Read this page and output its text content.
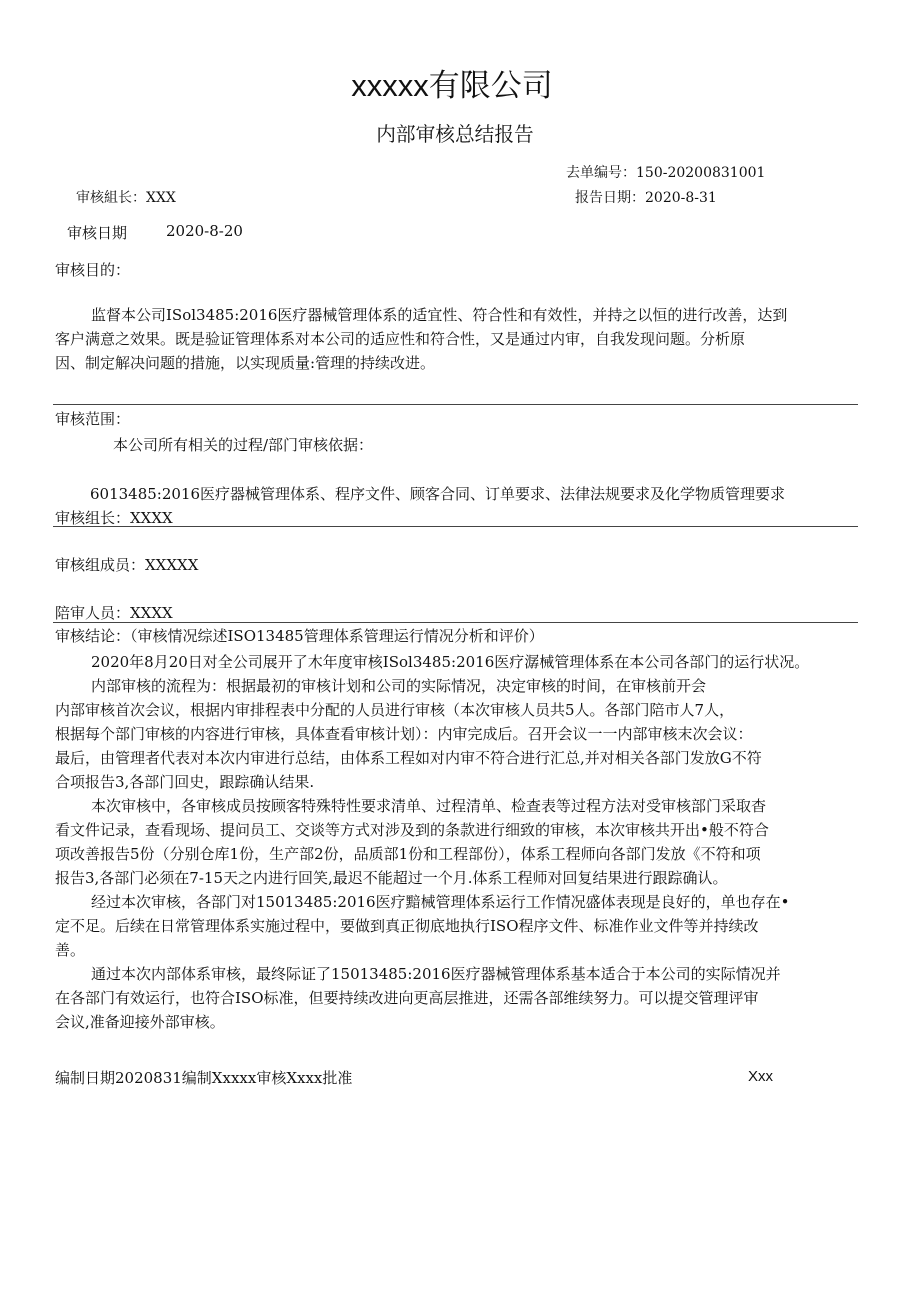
xxxxx有限公司
内部审核总结报告
去单编号：150-20200831001
审核組长：XXX	报告日期：2020-8-31
审核日期	2020-8-20
审核目的：
监督本公司ISol3485:2016医疗器械管理体系的适宜性、符合性和有效性，并持之以恒的进行改善，达到
客户满意之效果。既是验证管理体系对本公司的适应性和符合性，又是通过内审，自我发现问题。分析原
因、制定解决问题的措施，以实现质量:管理的持续改进。
审核范围：
本公司所有相关的过程/部门审核依据：
6013485:2016医疗器械管理体系、程序文件、顾客合同、订单要求、法律法规要求及化学物质管理要求
审核组长：XXXX
审核组成员：XXXXX
陪审人员：XXXX
审核结论：（审核情况综述ISO13485管理体系管理运行情况分析和评价）
2020年8月20日对全公司展开了木年度审核ISol3485:2016医疗潺械管理体系在本公司各部门的运行状况。
内部审核的流程为：根据最初的审核计划和公司的实际情况，决定审核的时间，在审核前开会
内部审核首次会议，根据内审排程表中分配的人员进行审核（本次审核人员共5人。各部门陪市人7人，
根据每个部门审核的内容进行审核，具体查看审核计划）：内审完成后。召开会议一一内部审核末次会议：
最后，由管理者代表对本次内审进行总结，由体系工程如对内审不符合进行汇总,并对相关各部门发放G不符
合项报告3,各部门回史，跟踪确认结果.
本次审核中，各审核成员按顾客特殊特性要求清单、过程清单、检查表等过程方法对受审核部门采取杳
看文件记录，查看现场、提问员工、交谈等方式对涉及到的条款进行细致的审核，本次审核共开出•般不符合
项改善报告5份（分别仓库1份，生产部2份，品质部1份和工程部份），体系工程师向各部门发放《不符和项
报告3,各部门必须在7-15天之内进行回笑,最迟不能超过一个月.体系工程师对回复结果进行跟踪确认。
经过本次审核，各部门对15013485:2016医疗黯械管理体系运行工作情况盛体表现是良好的，单也存在•
定不足。后续在日常管理体系实施过程中，要做到真正彻底地执行ISO程序文件、标准作业文件等并持续改
善。
通过本次内部体系审核，最终际证了15013485:2016医疗器械管理体系基本适合于本公司的实际情况并
在各部门有效运行，也符合ISO标准，但要持续改进向更高层推进，还需各部维续努力。可以提交管理评审
会议,准备迎接外部审核。
编制日期2020831编制Xxxxx审核Xxxx批准	Xxx
